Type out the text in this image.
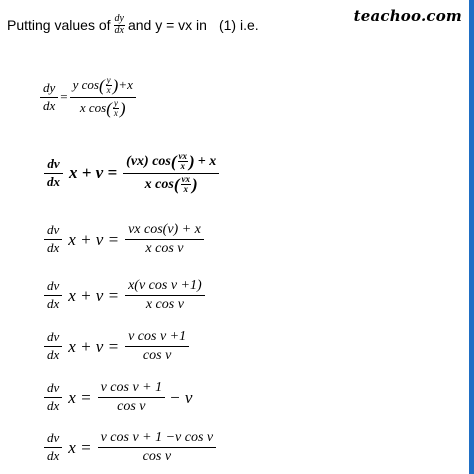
teachoo.com
Putting values of $\frac{dy}{dx}$ and y = vx in (1) i.e.
$\frac{dy}{dx} = y$ cos ( y
x ) +x
x cos ( y
x )
$\frac{dv}{dx}$ x + v = (vx) cos ( vx
x ) + x
x cos ( vx
x )
$\frac{dv}{dx}$ $x + v = \frac{\text{vx cos(v) + x}}{\text{x cos v}}$
$\frac{dv}{dx}$ $x + v = \frac{\text{x(v cos v +1)}}{\text{x cos v}}$
$\frac{dv}{dx}$ $x + v = \frac{\text{v cos v +1}}{\text{cos v}}$
$\frac{dv}{dx}$ $x = \frac{\text{v cos v + 1}}{\text{cos v}} - v$
$\frac{dv}{dx}$ $x = \frac{\text{v cos v + 1 −v cos v}}{\text{cos v}}$
